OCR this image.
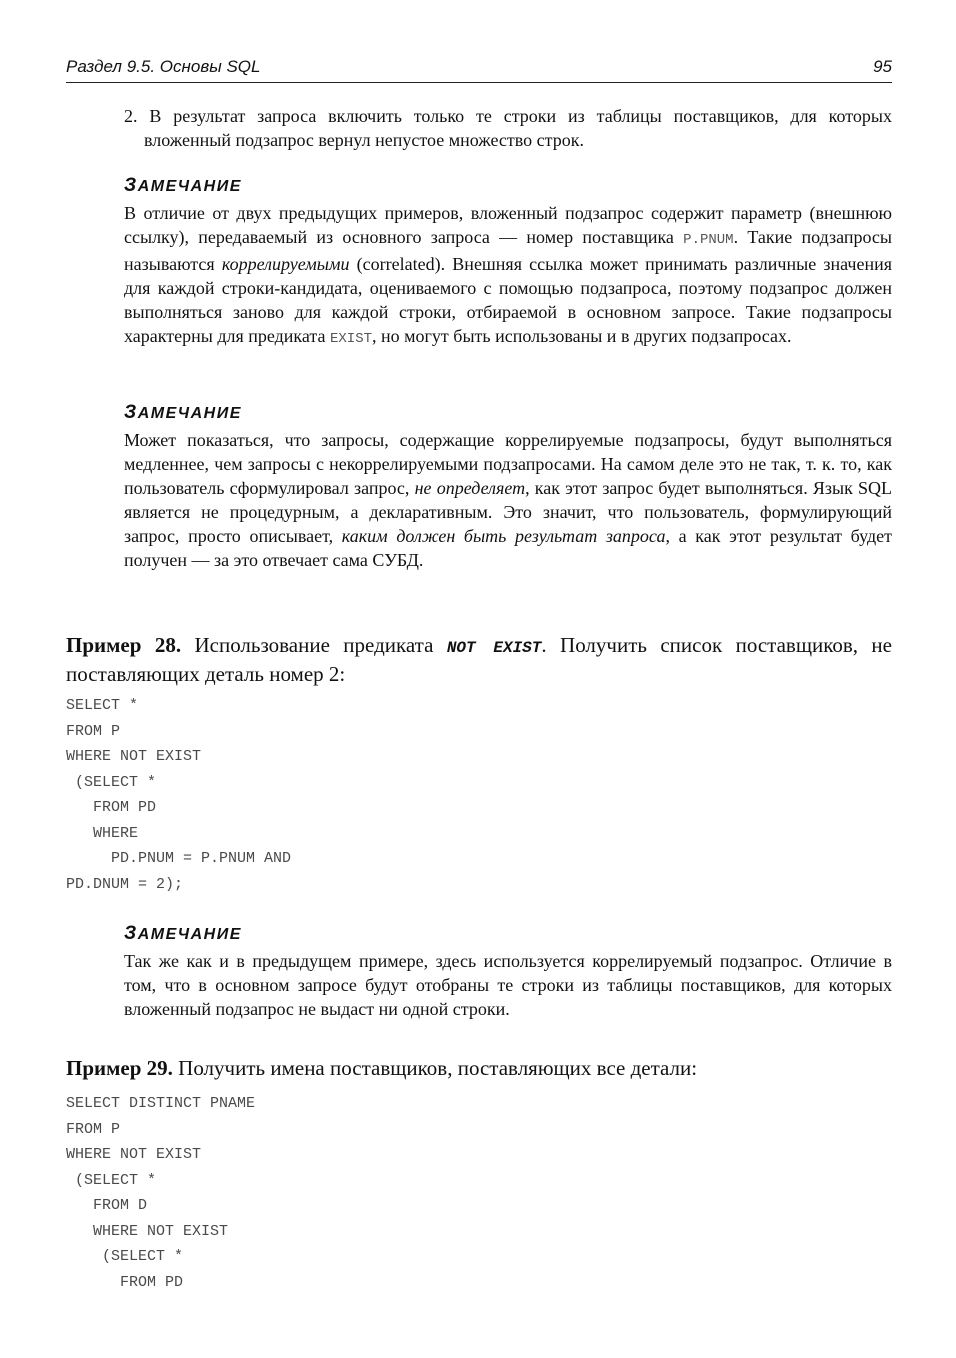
Раздел 9.5. Основы SQL	95

2. В результат запроса включить только те строки из таблицы поставщиков, для которых вложенный подзапрос вернул непустое множество строк.

ЗАМЕЧАНИЕ

В отличие от двух предыдущих примеров, вложенный подзапрос содержит параметр (внешнюю ссылку), передаваемый из основного запроса — номер поставщика P.PNUM. Такие подзапросы называются коррелируемыми (correlated). Внешняя ссылка может принимать различные значения для каждой строки-кандидата, оцениваемого с помощью подзапроса, поэтому подзапрос должен выполняться заново для каждой строки, отбираемой в основном запросе. Такие подзапросы характерны для предиката EXIST, но могут быть использованы и в других подзапросах.

ЗАМЕЧАНИЕ

Может показаться, что запросы, содержащие коррелируемые подзапросы, будут выполняться медленнее, чем запросы с некоррелируемыми подзапросами. На самом деле это не так, т. к. то, как пользователь сформулировал запрос, не определяет, как этот запрос будет выполняться. Язык SQL является не процедурным, а декларативным. Это значит, что пользователь, формулирующий запрос, просто описывает, каким должен быть результат запроса, а как этот результат будет получен — за это отвечает сама СУБД.

Пример 28. Использование предиката NOT EXIST. Получить список поставщиков, не поставляющих деталь номер 2:
SELECT *
FROM P
WHERE NOT EXIST
(SELECT *
FROM PD
WHERE
PD.PNUM = P.PNUM AND
PD.DNUM = 2);
ЗАМЕЧАНИЕ

Так же как и в предыдущем примере, здесь используется коррелируемый подзапрос. Отличие в том, что в основном запросе будут отобраны те строки из таблицы поставщиков, для которых вложенный подзапрос не выдаст ни одной строки.

Пример 29. Получить имена поставщиков, поставляющих все детали:
SELECT DISTINCT PNAME
FROM P
WHERE NOT EXIST
(SELECT *
FROM D
WHERE NOT EXIST
(SELECT *
FROM PD
